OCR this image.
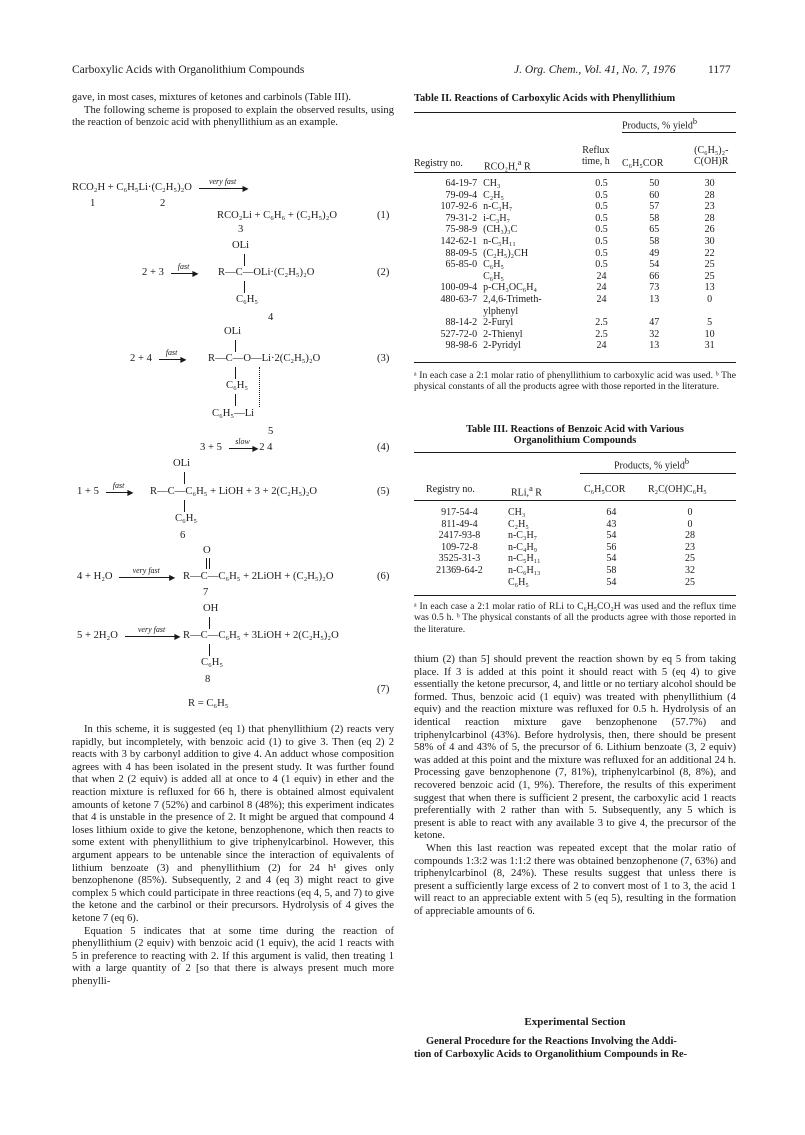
Carboxylic Acids with Organolithium Compounds	J. Org. Chem., Vol. 41, No. 7, 1976	1177

gave, in most cases, mixtures of ketones and carbinols (Table III).

The following scheme is proposed to explain the observed results, using the reaction of benzoic acid with phenyllithium as an example.

RCO₂H + C₆H₅Li·(C₂H₅)₂O
very fast
▶
1	2
RCO₂Li + C₆H₆ + (C₂H₅)₂O	(1)
3
OLi
2 + 3
fast
▶ R—C—OLi·(C₂H₅)₂O	(2)
C₆H₅
4
OLi
2 + 4
fast
▶ R—C—O—Li·2(C₂H₅)₂O	(3)
C₆H₅
C₆H₅—Li
5
3 + 5
slow
▶ 2 4	(4)
OLi
1 + 5
fast
▶ R—C—C₆H₅ + LiOH + 3 + 2(C₂H₅)₂O	(5)
C₆H₅
6
O
4 + H₂O
very fast
▶ R—C—C₆H₅ + 2LiOH + (C₂H₅)₂O	(6)
7
OH
5 + 2H₂O
very fast
▶ R—C—C₆H₅ + 3LiOH + 2(C₂H₅)₂O
C₆H₅
8
(7)
R = C₆H₅

In this scheme, it is suggested (eq 1) that phenyllithium (2) reacts very rapidly, but incompletely, with benzoic acid (1) to give 3. Then (eq 2) 2 reacts with 3 by carbonyl addition to give 4. An adduct whose composition agrees with 4 has been isolated in the present study. It was further found that when 2 (2 equiv) is added all at once to 4 (1 equiv) in ether and the reaction mixture is refluxed for 66 h, there is obtained almost equivalent amounts of ketone 7 (52%) and carbinol 8 (48%); this experiment indicates that 4 is unstable in the presence of 2. It might be argued that compound 4 loses lithium oxide to give the ketone, benzophenone, which then reacts to some extent with phenyllithium to give triphenylcarbinol. However, this argument appears to be untenable since the interaction of equivalents of lithium benzoate (3) and phenyllithium (2) for 24 h¹ gives only benzophenone (85%). Subsequently, 2 and 4 (eq 3) might react to give complex 5 which could participate in three reactions (eq 4, 5, and 7) to give the ketone and the carbinol or their precursors. Hydrolysis of 4 gives the ketone 7 (eq 6).

Equation 5 indicates that at some time during the reaction of phenyllithium (2 equiv) with benzoic acid (1 equiv), the acid 1 reacts with 5 in preference to reacting with 2. If this argument is valid, then treating 1 with a large quantity of 2 [so that there is always present much more phenylli-

Table II. Reactions of Carboxylic Acids with Phenyllithium
Products, % yield$^b$
Registry no. RCO₂H,$^a$ R
Reflux
time, h C₆H₅COR
(C₆H₅)₂-
C(OH)R
64-19-7	CH₃	0.5	50	30
79-09-4	C₂H₅	0.5	60	28
107-92-6	n-C₃H₇	0.5	57	23
79-31-2	i-C₃H₇	0.5	58	28
75-98-9	(CH₃)₃C	0.5	65	26
142-62-1	n-C₅H₁₁	0.5	58	30
88-09-5	(C₂H₅)₂CH	0.5	49	22
65-85-0	C₆H₅	0.5	54	25
	C₆H₅	24	66	25
100-09-4	p-CH₃OC₆H₄	24	73	13
480-63-7	2,4,6-Trimeth-	24	13	0
	ylphenyl			
88-14-2	2-Furyl	2.5	47	5
527-72-0	2-Thienyl	2.5	32	10
98-98-6	2-Pyridyl	24	13	31
ᵃ In each case a 2:1 molar ratio of phenyllithium to carboxylic acid was used. ᵇ The physical constants of all the products agree with those reported in the literature.
Table III. Reactions of Benzoic Acid with Various
Organolithium Compounds
Products, % yield$^b$
Registry no.	RLi,$^a$ R	C₆H₅COR R₂C(OH)C₆H₅
917-54-4	CH₃	64	0
811-49-4	C₂H₅	43	0
2417-93-8	n-C₃H₇	54	28
109-72-8	n-C₄H₉	56	23
3525-31-3	n-C₅H₁₁	54	25
21369-64-2	n-C₆H₁₃	58	32
	C₆H₅	54	25
ᵃ In each case a 2:1 molar ratio of RLi to C₆H₅CO₂H was used and the reflux time was 0.5 h. ᵇ The physical constants of all the products agree with those reported in the literature.

thium (2) than 5] should prevent the reaction shown by eq 5 from taking place. If 3 is added at this point it should react with 5 (eq 4) to give essentially the ketone precursor, 4, and little or no tertiary alcohol should be formed. Thus, benzoic acid (1 equiv) was treated with phenyllithium (4 equiv) and the reaction mixture was refluxed for 0.5 h. Hydrolysis of an identical reaction mixture gave benzophenone (57.7%) and triphenylcarbinol (43%). Before hydrolysis, then, there should be present 58% of 4 and 43% of 5, the precursor of 6. Lithium benzoate (3, 2 equiv) was added at this point and the mixture was refluxed for an additional 24 h. Processing gave benzophenone (7, 81%), triphenylcarbinol (8, 8%), and recovered benzoic acid (1, 9%). Therefore, the results of this experiment suggest that when there is sufficient 2 present, the carboxylic acid 1 reacts preferentially with 2 rather than with 5. Subsequently, any 5 which is present is able to react with any available 3 to give 4, the precursor of the ketone.

When this last reaction was repeated except that the molar ratio of compounds 1:3:2 was 1:1:2 there was obtained benzophenone (7, 63%) and triphenylcarbinol (8, 24%). These results suggest that unless there is present a sufficiently large excess of 2 to convert most of 1 to 3, the acid 1 will react to an appreciable extent with 5 (eq 5), resulting in the formation of appreciable amounts of 6.

Experimental Section

General Procedure for the Reactions Involving the Addi-

tion of Carboxylic Acids to Organolithium Compounds in Re-
